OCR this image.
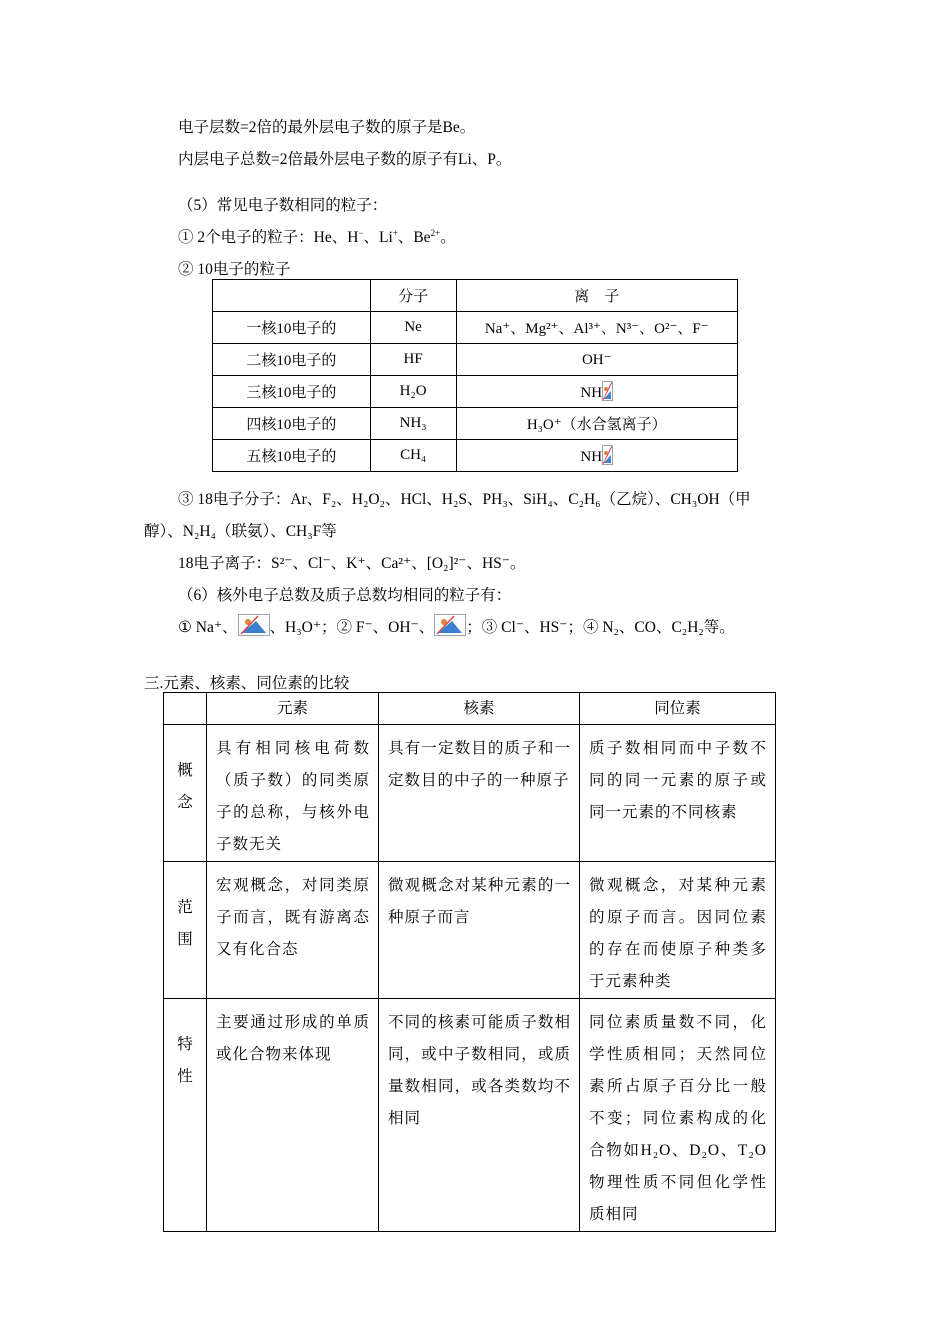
电子层数=2倍的最外层电子数的原子是Be。
内层电子总数=2倍最外层电子数的原子有Li、P。
（5）常见电子数相同的粒子：
① 2个电子的粒子：He、H−、Li+、$Be^{2+}$。
② 10电子的粒子
	分子	离　子
一核10电子的	Ne	Na⁺、Mg²⁺、Al³⁺、N³⁻、O²⁻、F⁻
二核10电子的	HF	OH⁻
三核10电子的	H₂O	NH

四核10电子的	NH₃	H₃O⁺（水合氢离子）
五核10电子的	CH₄	NH
③ 18电子分子：Ar、F₂、H₂O₂、HCl、H₂S、PH₃、SiH₄、C₂H₆（乙烷）、CH₃OH（甲
醇）、N₂H₄（联氨）、CH₃F等
18电子离子：S²⁻、Cl⁻、K⁺、Ca²⁺、[O₂]²⁻、HS⁻。
（6）核外电子总数及质子总数均相同的粒子有：
① Na⁺、 、H₃O⁺；② F⁻、OH⁻、 ；③ Cl⁻、HS⁻；④ N₂、CO、C₂H₂等。
三.元素、核素、同位素的比较
	元素	核素	同位素

概念	具有相同核电荷数（质子数）的同类原子的总称，与核外电子数无关	具有一定数目的质子和一定数目的中子的一种原子	质子数相同而中子数不同的同一元素的原子或同一元素的不同核素

范围	宏观概念，对同类原子而言，既有游离态又有化合态	微观概念对某种元素的一种原子而言	微观概念，对某种元素的原子而言。因同位素的存在而使原子种类多于元素种类

特性	主要通过形成的单质或化合物来体现	不同的核素可能质子数相同，或中子数相同，或质量数相同，或各类数均不相同	同位素质量数不同，化学性质相同；天然同位素所占原子百分比一般不变；同位素构成的化合物如H₂O、D₂O、T₂O物理性质不同但化学性质相同
